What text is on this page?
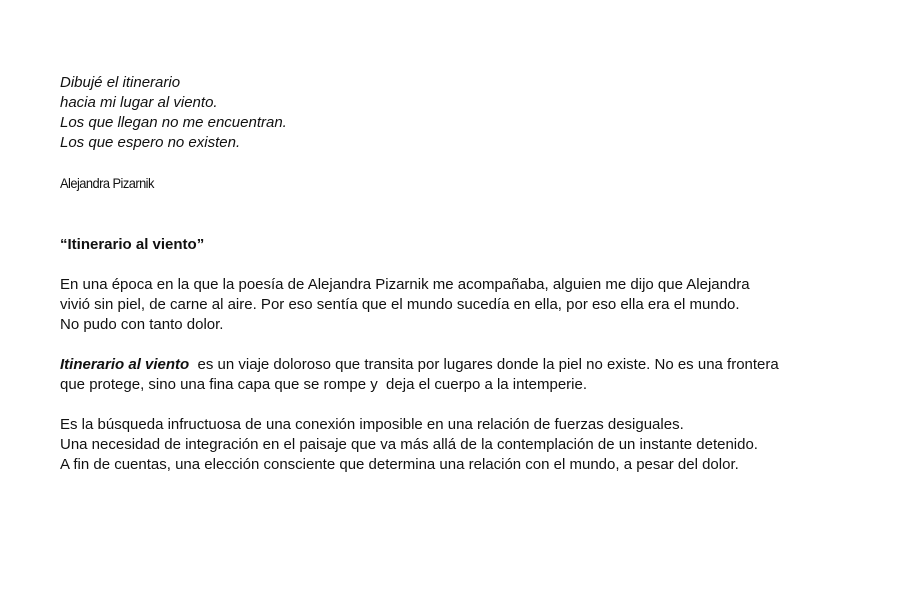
Dibujé el itinerario
hacia mi lugar al viento.
Los que llegan no me encuentran.
Los que espero no existen.
Alejandra Pizarnik
“Itinerario al viento”
En una época en la que la poesía de Alejandra Pizarnik me acompañaba, alguien me dijo que Alejandra
vivió sin piel, de carne al aire. Por eso sentía que el mundo sucedía en ella, por eso ella era el mundo.
No pudo con tanto dolor.
Itinerario al viento  es un viaje doloroso que transita por lugares donde la piel no existe. No es una frontera
que protege, sino una fina capa que se rompe y  deja el cuerpo a la intemperie.
Es la búsqueda infructuosa de una conexión imposible en una relación de fuerzas desiguales.
Una necesidad de integración en el paisaje que va más allá de la contemplación de un instante detenido.
A fin de cuentas, una elección consciente que determina una relación con el mundo, a pesar del dolor.
